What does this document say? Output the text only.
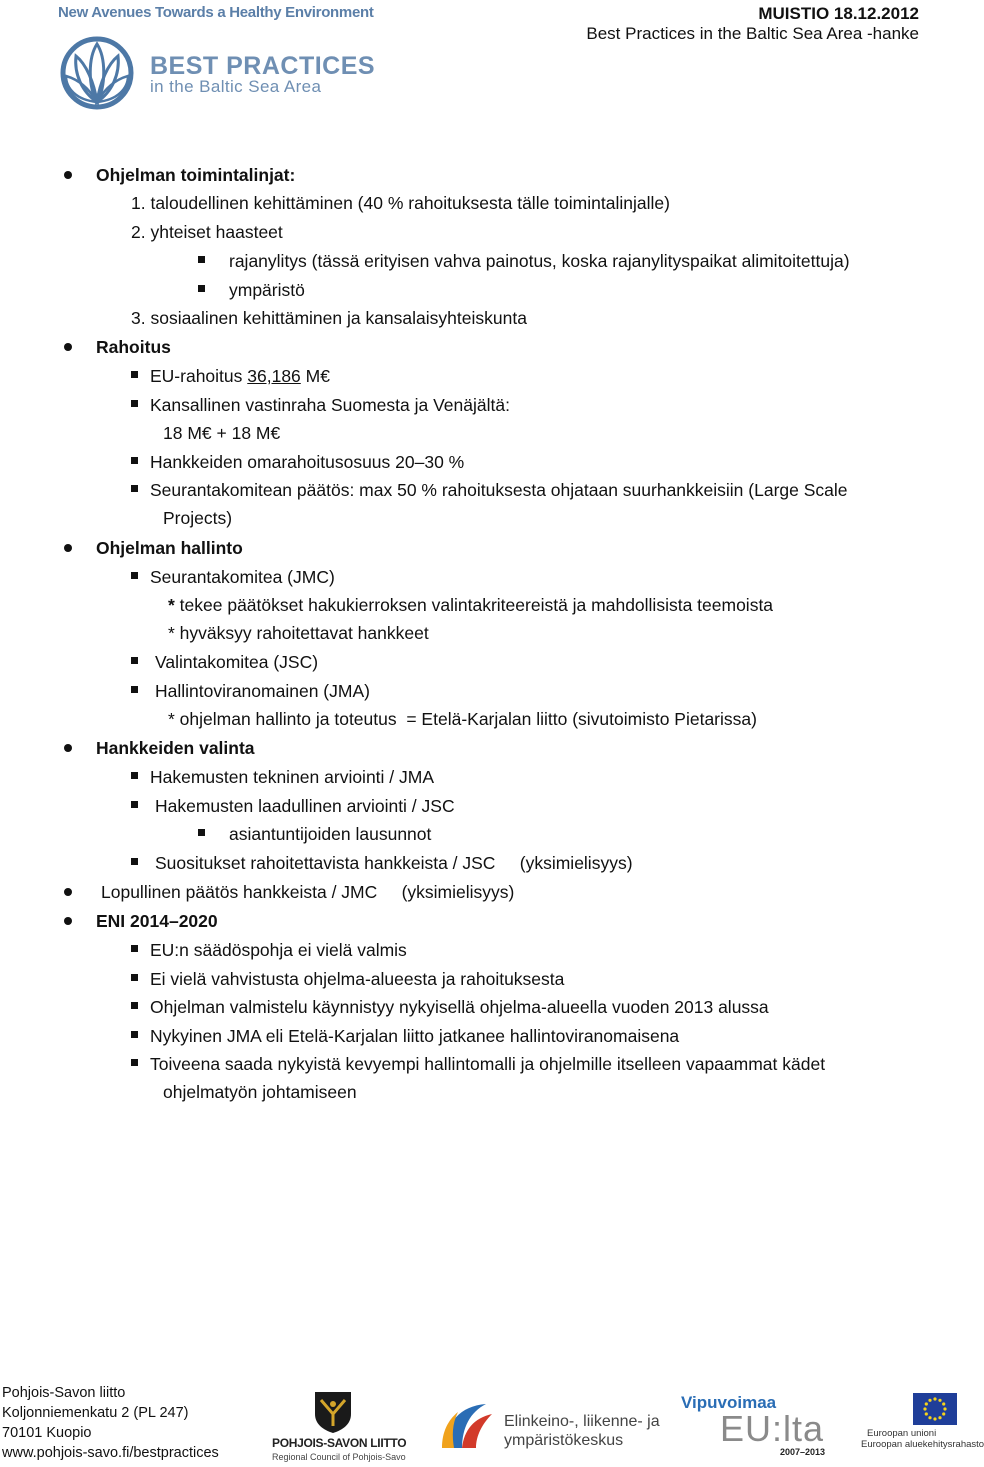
New Avenues Towards a Healthy Environment
BEST PRACTICES
in the Baltic Sea Area
MUISTIO 18.12.2012
Best Practices in the Baltic Sea Area -hanke
Ohjelman toimintalinjat:
1. taloudellinen kehittäminen (40 % rahoituksesta tälle toimintalinjalle)
2. yhteiset haasteet
rajanylitys (tässä erityisen vahva painotus, koska rajanylityspaikat alimitoitettuja)
ympäristö
3. sosiaalinen kehittäminen ja kansalaisyhteiskunta
Rahoitus
EU-rahoitus 36,186 M€
Kansallinen vastinraha Suomesta ja Venäjältä:
18 M€ + 18 M€
Hankkeiden omarahoitusosuus 20–30 %
Seurantakomitean päätös: max 50 % rahoituksesta ohjataan suurhankkeisiin (Large Scale
Projects)
Ohjelman hallinto
Seurantakomitea (JMC)
* tekee päätökset hakukierroksen valintakriteereistä ja mahdollisista teemoista
* hyväksyy rahoitettavat hankkeet
Valintakomitea (JSC)
Hallintoviranomainen (JMA)
* ohjelman hallinto ja toteutus  = Etelä-Karjalan liitto (sivutoimisto Pietarissa)
Hankkeiden valinta
Hakemusten tekninen arviointi / JMA
Hakemusten laadullinen arviointi / JSC
asiantuntijoiden lausunnot
Suositukset rahoitettavista hankkeista / JSC     (yksimielisyys)
Lopullinen päätös hankkeista / JMC     (yksimielisyys)
ENI 2014–2020
EU:n säädöspohja ei vielä valmis
Ei vielä vahvistusta ohjelma-alueesta ja rahoituksesta
Ohjelman valmistelu käynnistyy nykyisellä ohjelma-alueella vuoden 2013 alussa
Nykyinen JMA eli Etelä-Karjalan liitto jatkanee hallintoviranomaisena
Toiveena saada nykyistä kevyempi hallintomalli ja ohjelmille itselleen vapaammat kädet
ohjelmatyön johtamiseen
Pohjois-Savon liitto
Koljonniemenkatu 2 (PL 247)
70101 Kuopio
www.pohjois-savo.fi/bestpractices
POHJOIS-SAVON LIITTO
Regional Council of Pohjois-Savo
Elinkeino-, liikenne- ja
ympäristökeskus
Vipuvoimaa
EU:lta
2007–2013
Euroopan unioni
Euroopan aluekehitysrahasto
